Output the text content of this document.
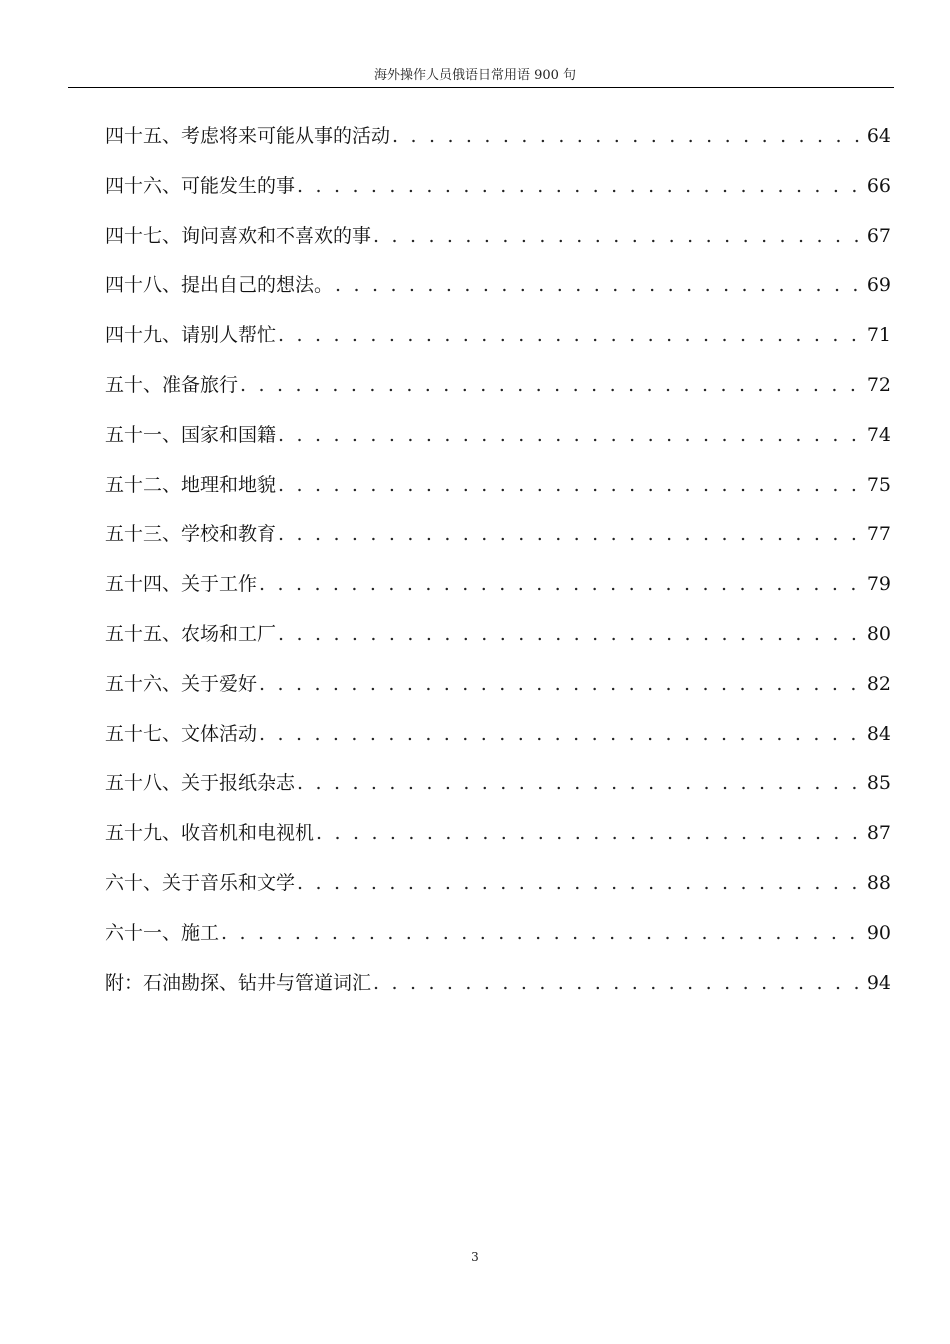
海外操作人员俄语日常用语 900 句
四十五、考虑将来可能从事的活动 . . .	64
四十六、可能发生的事 . . .	66
四十七、询问喜欢和不喜欢的事 . . .	67
四十八、提出自己的想法。 . . .	69
四十九、请别人帮忙 . . .	71
五十、准备旅行 . . .	72
五十一、国家和国籍 . . .	74
五十二、地理和地貌 . . .	75
五十三、学校和教育 . . .	77
五十四、关于工作 . . .	79
五十五、农场和工厂 . . .	80
五十六、关于爱好 . . .	82
五十七、文体活动 . . .	84
五十八、关于报纸杂志 . . .	85
五十九、收音机和电视机 . . .	87
六十、关于音乐和文学 . . .	88
六十一、施工 . . .	90
附：石油勘探、钻井与管道词汇 . . .	94
3
